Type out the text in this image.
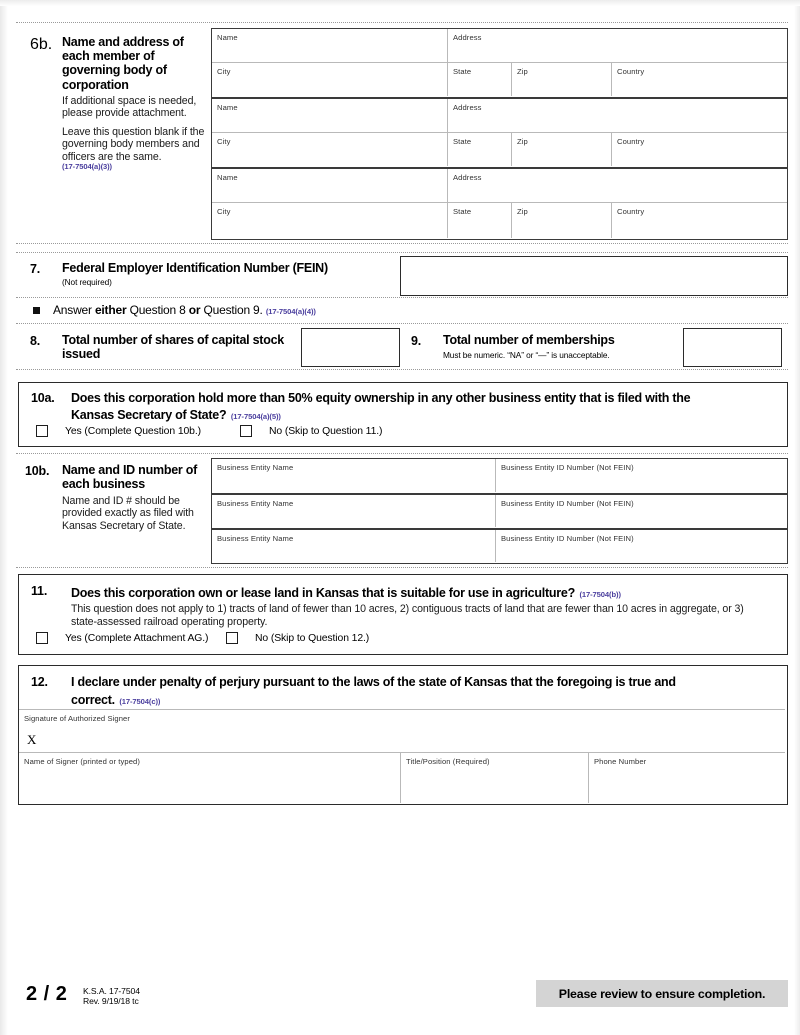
6b. Name and address of each member of governing body of corporation
If additional space is needed, please provide attachment.
Leave this question blank if the governing body members and officers are the same.
(17-7504(a)(3))
Name	Address
City	State	Zip	Country
Name	Address
City	State	Zip	Country
Name	Address
City	State	Zip	Country
7. Federal Employer Identification Number (FEIN)
(Not required)
Answer either Question 8 or Question 9. (17-7504(a)(4))
8. Total number of shares of capital stock issued
9. Total number of memberships
Must be numeric. “NA” or “—” is unacceptable.
10a. Does this corporation hold more than 50% equity ownership in any other business entity that is filed with the
Kansas Secretary of State? (17-7504(a)(5))
Yes (Complete Question 10b.)	No (Skip to Question 11.)
10b. Name and ID number of each business
Name and ID # should be provided exactly as filed with Kansas Secretary of State.
Business Entity Name	Business Entity ID Number (Not FEIN)
Business Entity Name	Business Entity ID Number (Not FEIN)
Business Entity Name	Business Entity ID Number (Not FEIN)
11. Does this corporation own or lease land in Kansas that is suitable for use in agriculture? (17-7504(b))
This question does not apply to 1) tracts of land of fewer than 10 acres, 2) contiguous tracts of land that are fewer than 10 acres in aggregate, or 3)
state-assessed railroad operating property.
Yes (Complete Attachment AG.)	No (Skip to Question 12.)
12. I declare under penalty of perjury pursuant to the laws of the state of Kansas that the foregoing is true and
correct. (17-7504(c))
Signature of Authorized Signer
X
Name of Signer (printed or typed)	Title/Position (Required)	Phone Number
2 / 2 K.S.A. 17-7504
Rev. 9/19/18 tc
Please review to ensure completion.
